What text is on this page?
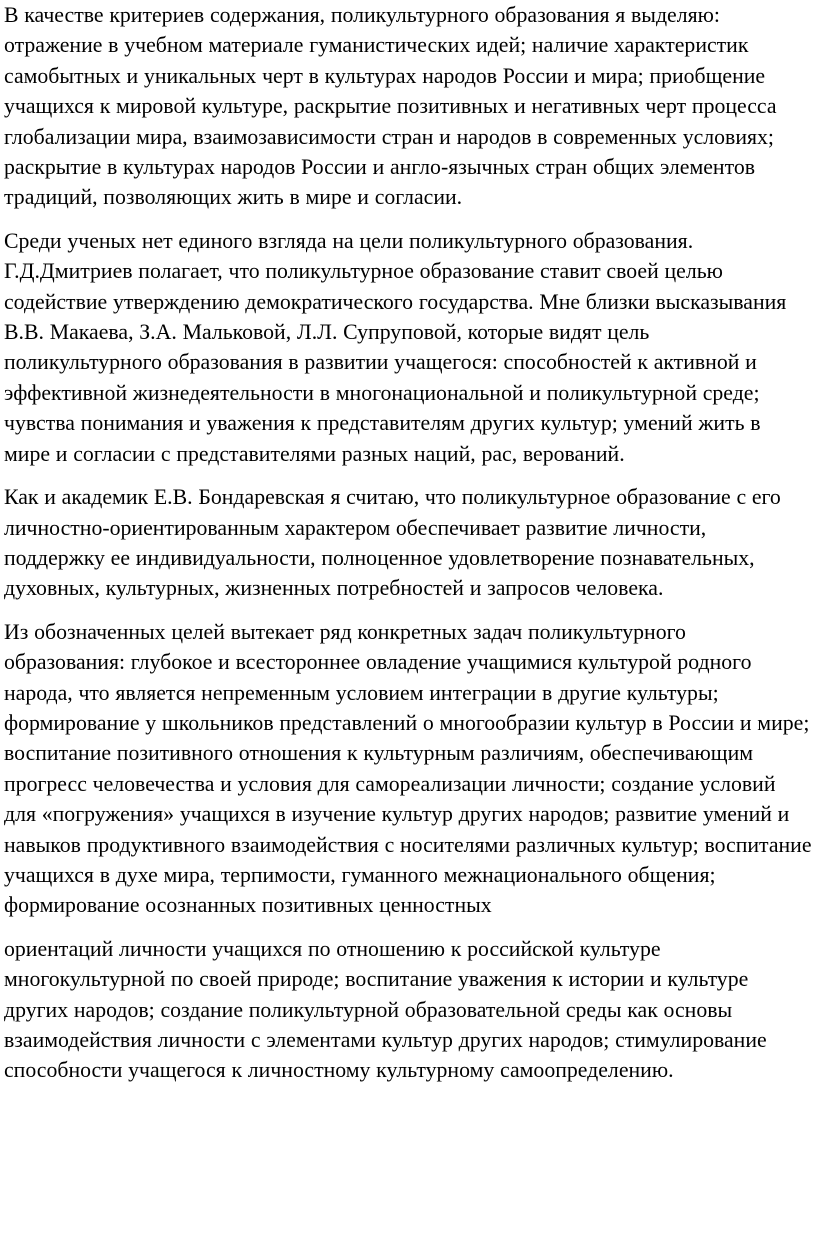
В качестве критериев содержания, поликультурного образования я выделяю: отражение в учебном материале гуманистических идей; наличие характеристик самобытных и уникальных черт в культурах народов России и мира; приобщение учащихся к мировой культуре, раскрытие позитивных и негативных черт процесса глобализации мира, взаимозависимости стран и народов в современных условиях; раскрытие в культурах народов России и англо-язычных стран общих элементов традиций, позволяющих жить в мире и согласии.

Среди ученых нет единого взгляда на цели поликультурного образования. Г.Д.Дмитриев полагает, что поликультурное образование ставит своей целью содействие утверждению демократического государства. Мне близки высказывания В.В. Макаева, З.А. Мальковой, Л.Л. Супруповой, которые видят цель поликультурного образования в развитии учащегося: способностей к активной и эффективной жизнедеятельности в многонациональной и поликультурной среде; чувства понимания и уважения к представителям других культур; умений жить в мире и согласии с представителями разных наций, рас, верований.

Как и академик Е.В. Бондаревская я считаю, что поликультурное образование с его личностно-ориентированным характером обеспечивает развитие личности, поддержку ее индивидуальности, полноценное удовлетворение познавательных, духовных, культурных, жизненных потребностей и запросов человека.

Из обозначенных целей вытекает ряд конкретных задач поликультурного образования: глубокое и всестороннее овладение учащимися культурой родного народа, что является непременным условием интеграции в другие культуры; формирование у школьников представлений о многообразии культур в России и мире; воспитание позитивного отношения к культурным различиям, обеспечивающим прогресс человечества и условия для самореализации личности; создание условий для «погружения» учащихся в изучение культур других народов; развитие умений и навыков продуктивного взаимодействия с носителями различных культур; воспитание учащихся в духе мира, терпимости, гуманного межнационального общения; формирование осознанных позитивных ценностных

ориентаций личности учащихся по отношению к российской культуре многокультурной по своей природе; воспитание уважения к истории и культуре других народов; создание поликультурной образовательной среды как основы взаимодействия личности с элементами культур других народов; стимулирование способности учащегося к личностному культурному самоопределению.
